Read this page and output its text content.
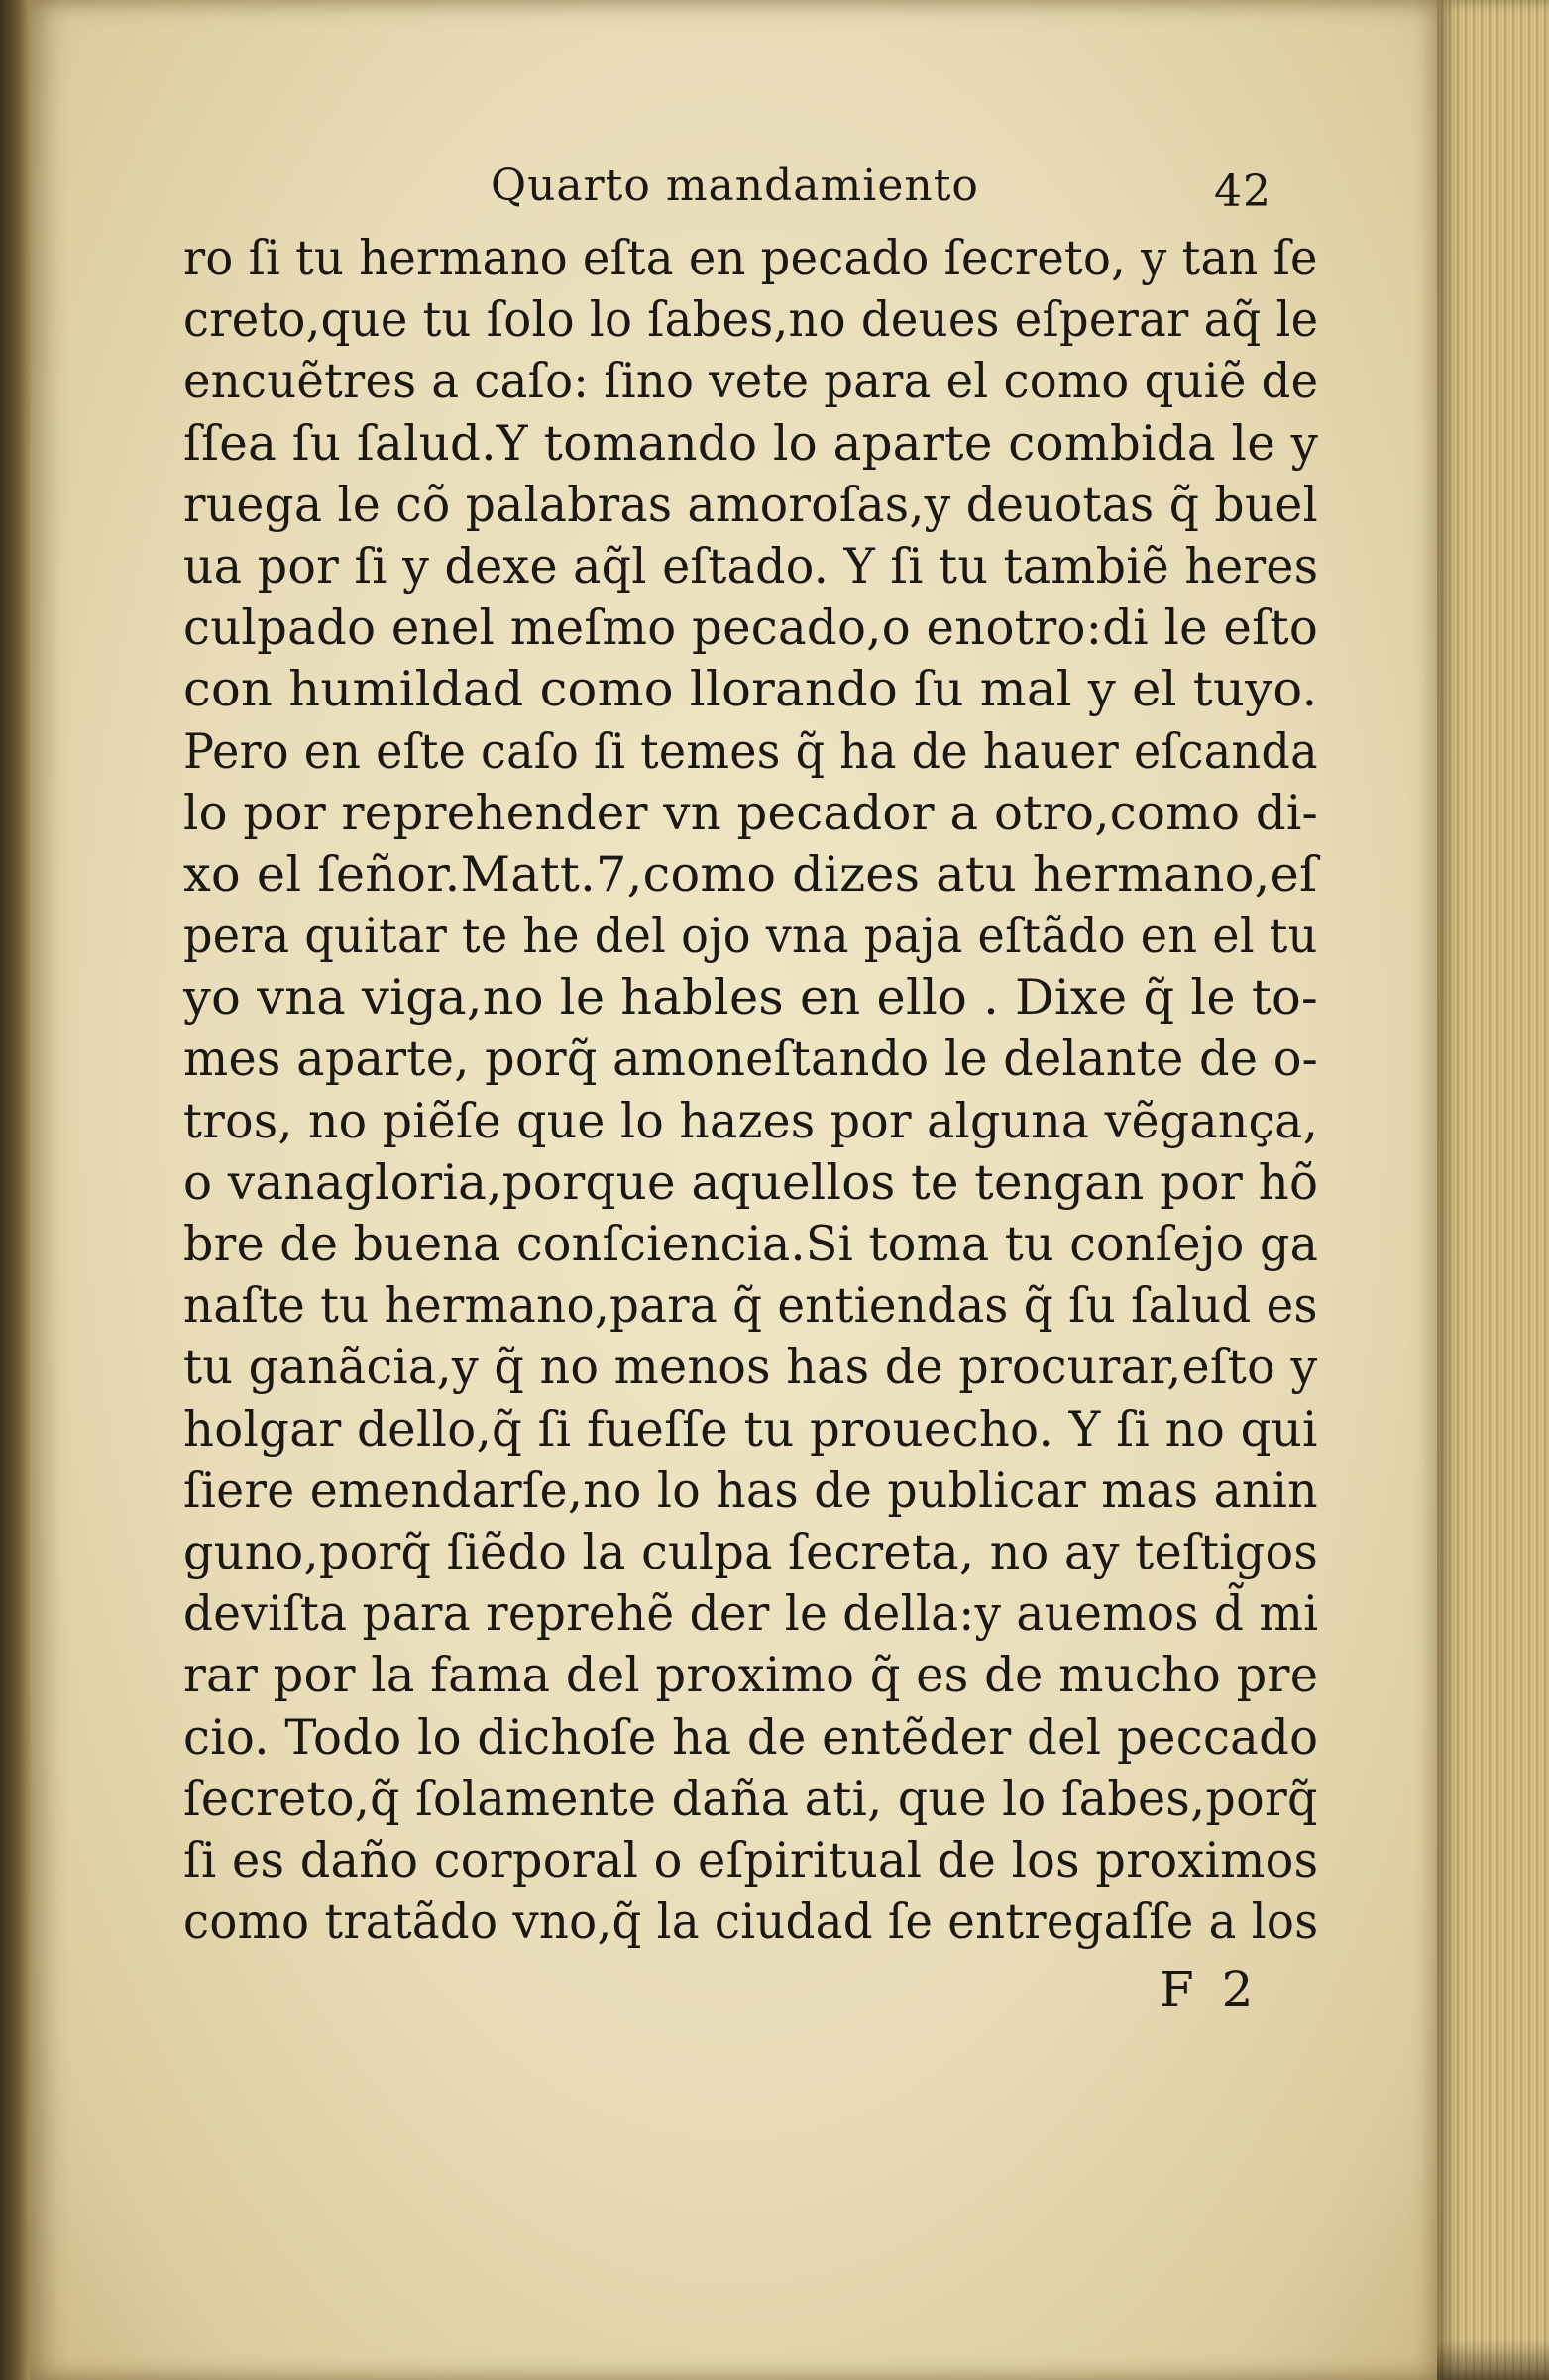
Quarto mandamiento	42
ro ſi tu hermano eſta en pecado ſecreto, y tan ſe
creto,que tu ſolo lo ſabes,no deues eſperar aq̃ le
encuẽtres a caſo: ſino vete para el como quiẽ de
ſſea ſu ſalud.Y tomando lo aparte combida le y
ruega le cõ palabras amoroſas,y deuotas q̃ buel
ua por ſi y dexe aq̃l eſtado. Y ſi tu tambiẽ heres
culpado enel meſmo pecado,o enotro:di le eſto
con humildad como llorando ſu mal y el tuyo.
Pero en eſte caſo ſi temes q̃ ha de hauer eſcanda
lo por reprehender vn pecador a otro,como di-
xo el ſeñor.Matt.7,como dizes atu hermano,eſ
pera quitar te he del ojo vna paja eſtãdo en el tu
yo vna viga,no le hables en ello . Dixe q̃ le to-
mes aparte, porq̃ amoneſtando le delante de o-
tros, no piẽſe que lo hazes por alguna vẽgança,
o vanagloria,porque aquellos te tengan por hõ
bre de buena conſciencia.Si toma tu conſejo ga
naſte tu hermano,para q̃ entiendas q̃ ſu ſalud es
tu ganãcia,y q̃ no menos has de procurar,eſto y
holgar dello,q̃ ſi fueſſe tu prouecho. Y ſi no qui
ſiere emendarſe,no lo has de publicar mas anin
guno,porq̃ ſiẽdo la culpa ſecreta, no ay teſtigos
deviſta para reprehẽ der le della:y auemos d̃ mi
rar por la fama del proximo q̃ es de mucho pre
cio. Todo lo dichoſe ha de entẽder del peccado
ſecreto,q̃ ſolamente daña ati, que lo ſabes,porq̃
ſi es daño corporal o eſpiritual de los proximos
como tratãdo vno,q̃ la ciudad ſe entregaſſe a los
F 2
